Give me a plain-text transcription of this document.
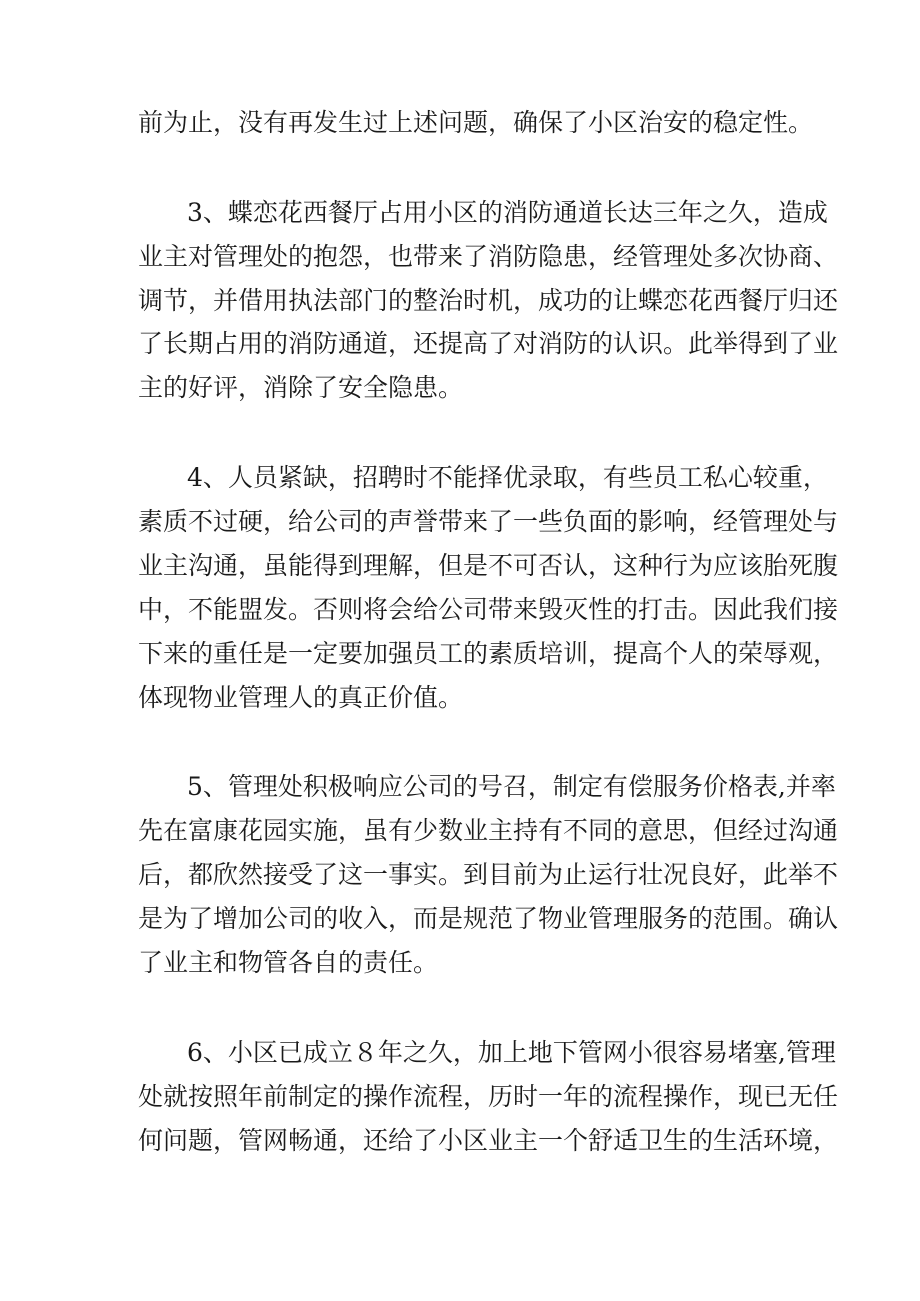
前为止，没有再发生过上述问题，确保了小区治安的稳定性。
3、蝶恋花西餐厅占用小区的消防通道长达三年之久，造成
业主对管理处的抱怨，也带来了消防隐患，经管理处多次协商、
调节，并借用执法部门的整治时机，成功的让蝶恋花西餐厅归还
了长期占用的消防通道，还提高了对消防的认识。此举得到了业
主的好评，消除了安全隐患。
4、人员紧缺，招聘时不能择优录取，有些员工私心较重，
素质不过硬，给公司的声誉带来了一些负面的影响，经管理处与
业主沟通，虽能得到理解，但是不可否认，这种行为应该胎死腹
中，不能盟发。否则将会给公司带来毁灭性的打击。因此我们接
下来的重任是一定要加强员工的素质培训，提高个人的荣辱观，
体现物业管理人的真正价值。
5、管理处积极响应公司的号召，制定有偿服务价格表,并率
先在富康花园实施，虽有少数业主持有不同的意思，但经过沟通
后，都欣然接受了这一事实。到目前为止运行壮况良好，此举不
是为了增加公司的收入，而是规范了物业管理服务的范围。确认
了业主和物管各自的责任。
6、小区已成立８年之久，加上地下管网小很容易堵塞,管理
处就按照年前制定的操作流程，历时一年的流程操作，现已无任
何问题，管网畅通，还给了小区业主一个舒适卫生的生活环境，
